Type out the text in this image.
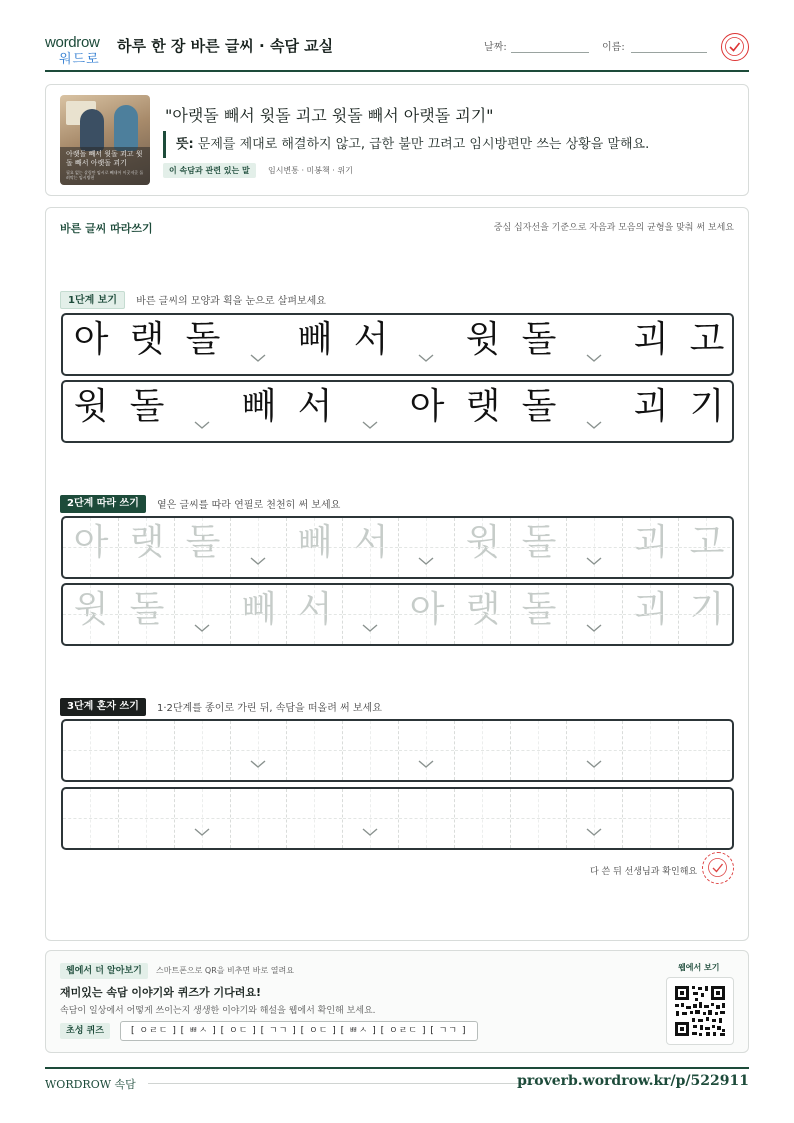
wordrow
워드로
하루 한 장 바른 글씨 · 속담 교실	날짜:	이름:
아랫돌 빼서 윗돌 괴고 윗돌 빼서 아랫돌 괴기
필요 없는 살림만 임시로 빼내어 이곳저곳 돌려막는 임시방편
"아랫돌 빼서 윗돌 괴고 윗돌 빼서 아랫돌 괴기"
뜻: 문제를 제대로 해결하지 않고, 급한 불만 끄려고 임시방편만 쓰는 상황을 말해요.
이 속담과 관련 있는 말	임시변통 · 미봉책 · 위기
바른 글씨 따라쓰기	중심 십자선을 기준으로 자음과 모음의 균형을 맞춰 써 보세요
1단계 보기 바른 글씨의 모양과 획을 눈으로 살펴보세요
아 랫 돌 빼 서 윗 돌 괴 고
윗 돌 빼 서 아 랫 돌 괴 기
2단계 따라 쓰기 옅은 글씨를 따라 연필로 천천히 써 보세요
아 랫 돌 빼 서 윗 돌 괴 고
윗 돌 빼 서 아 랫 돌 괴 기
3단계 혼자 쓰기 1·2단계를 종이로 가린 뒤, 속담을 떠올려 써 보세요
다 쓴 뒤 선생님과 확인해요
웹에서 더 알아보기	스마트폰으로 QR을 비추면 바로 열려요
재미있는 속담 이야기와 퀴즈가 기다려요!
속담이 일상에서 어떻게 쓰이는지 생생한 이야기와 해설을 웹에서 확인해 보세요.
초성 퀴즈	[ ㅇㄹㄷ ] [ ㅃㅅ ] [ ㅇㄷ ] [ ㄱㄱ ] [ ㅇㄷ ] [ ㅃㅅ ] [ ㅇㄹㄷ ] [ ㄱㄱ ]
웹에서 보기
WORDROW 속담	proverb.wordrow.kr/p/522911
